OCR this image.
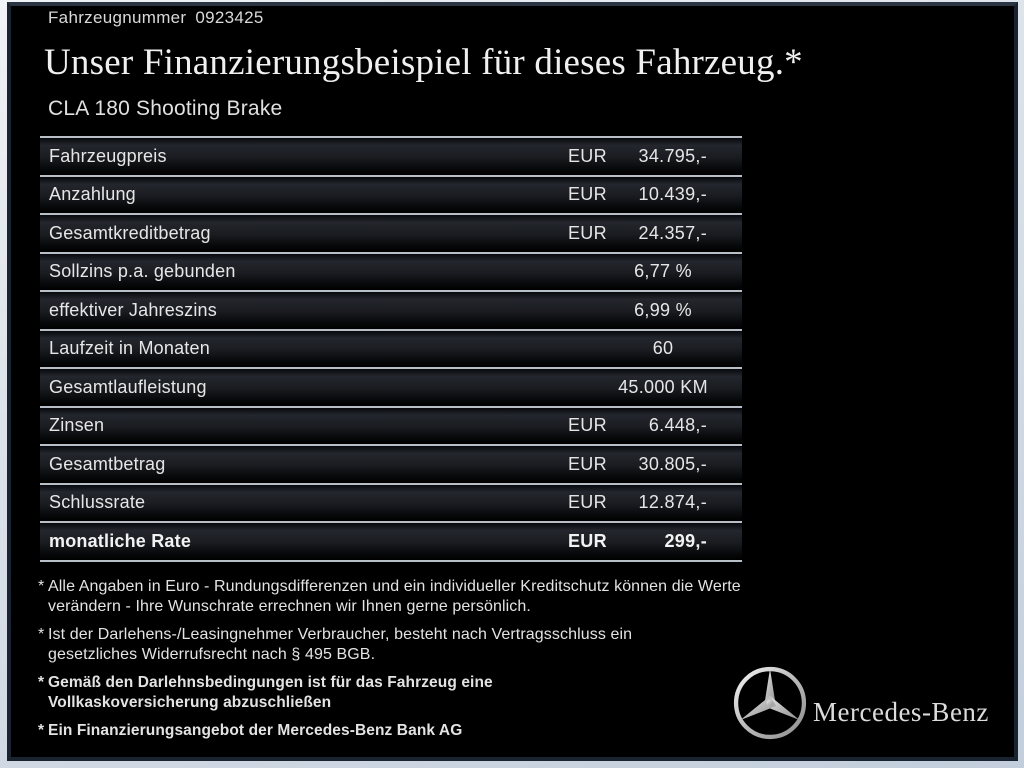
Fahrzeugnummer 0923425
Unser Finanzierungsbeispiel für dieses Fahrzeug.*
CLA 180 Shooting Brake
Fahrzeugpreis	EUR 34.795,-
Anzahlung	EUR 10.439,-
Gesamtkreditbetrag	EUR 24.357,-
Sollzins p.a. gebunden	6,77 %
effektiver Jahreszins	6,99 %
Laufzeit in Monaten	60
Gesamtlaufleistung	45.000 KM
Zinsen	EUR 6.448,-
Gesamtbetrag	EUR 30.805,-
Schlussrate	EUR 12.874,-
monatliche Rate	EUR	299,-
* Alle Angaben in Euro - Rundungsdifferenzen und ein individueller Kreditschutz können die Werte verändern - Ihre Wunschrate errechnen wir Ihnen gerne persönlich.
* Ist der Darlehens-/Leasingnehmer Verbraucher, besteht nach Vertragsschluss ein gesetzliches Widerrufsrecht nach § 495 BGB.
* Gemäß den Darlehnsbedingungen ist für das Fahrzeug eine Vollkaskoversicherung abzuschließen
* Ein Finanzierungsangebot der Mercedes-Benz Bank AG
Mercedes-Benz
